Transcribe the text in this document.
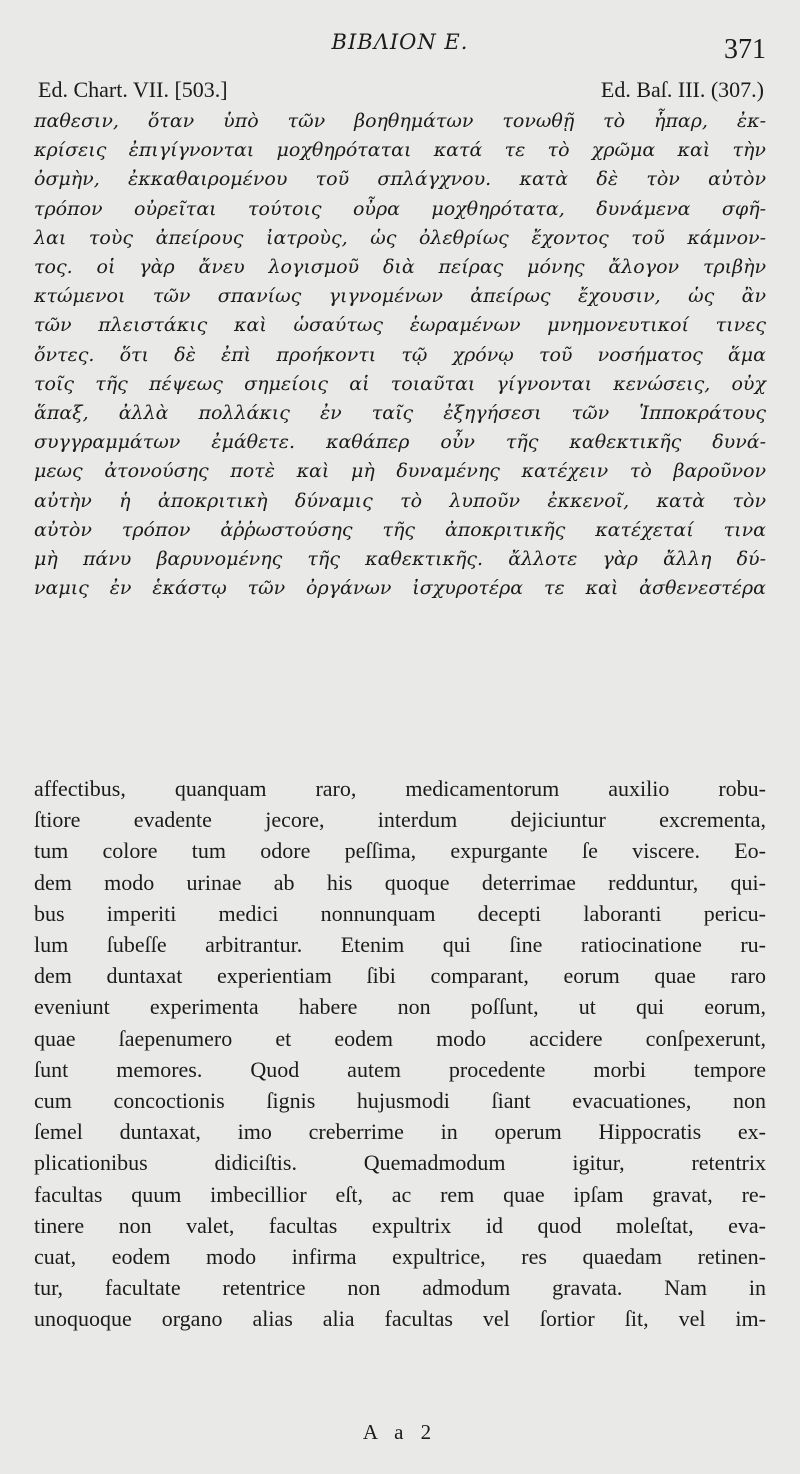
ΒΙΒΛΙΟΝ Ε.	371
Ed. Chart. VII. [503.]	Ed. Baſ. III. (307.)
παθεσιν, ὅταν ὑπὸ τῶν βοηθημάτων τονωθῇ τὸ ἧπαρ, ἐκ-
κρίσεις ἐπιγίγνονται μοχθηρόταται κατά τε τὸ χρῶμα καὶ τὴν
ὀσμὴν, ἐκκαθαιρομένου τοῦ σπλάγχνου. κατὰ δὲ τὸν αὐτὸν
τρόπον οὐρεῖται τούτοις οὖρα μοχθηρότατα, δυνάμενα σφῆ-
λαι τοὺς ἀπείρους ἰατροὺς, ὡς ὀλεθρίως ἔχοντος τοῦ κάμνον-
τος. οἱ γὰρ ἄνευ λογισμοῦ διὰ πείρας μόνης ἄλογον τριβὴν
κτώμενοι τῶν σπανίως γιγνομένων ἀπείρως ἔχουσιν, ὡς ἂν
τῶν πλειστάκις καὶ ὡσαύτως ἑωραμένων μνημονευτικοί τινες
ὄντες. ὅτι δὲ ἐπὶ προήκοντι τῷ χρόνῳ τοῦ νοσήματος ἅμα
τοῖς τῆς πέψεως σημείοις αἱ τοιαῦται γίγνονται κενώσεις, οὐχ
ἅπαξ, ἀλλὰ πολλάκις ἐν ταῖς ἐξηγήσεσι τῶν Ἱπποκράτους
συγγραμμάτων ἐμάθετε. καθάπερ οὖν τῆς καθεκτικῆς δυνά-
μεως ἀτονούσης ποτὲ καὶ μὴ δυναμένης κατέχειν τὸ βαροῦνον
αὐτὴν ἡ ἀποκριτικὴ δύναμις τὸ λυποῦν ἐκκενοῖ, κατὰ τὸν
αὐτὸν τρόπον ἀῤῥωστούσης τῆς ἀποκριτικῆς κατέχεταί τινα
μὴ πάνυ βαρυνομένης τῆς καθεκτικῆς. ἄλλοτε γὰρ ἄλλη δύ-
ναμις ἐν ἑκάστῳ τῶν ὀργάνων ἰσχυροτέρα τε καὶ ἀσθενεστέρα
affectibus, quanquam raro, medicamentorum auxilio robu-
ſtiore evadente jecore, interdum dejiciuntur excrementa,
tum colore tum odore peſſima, expurgante ſe viscere. Eo-
dem modo urinae ab his quoque deterrimae redduntur, qui-
bus imperiti medici nonnunquam decepti laboranti pericu-
lum ſubeſſe arbitrantur. Etenim qui ſine ratiocinatione ru-
dem duntaxat experientiam ſibi comparant, eorum quae raro
eveniunt experimenta habere non poſſunt, ut qui eorum,
quae ſaepenumero et eodem modo accidere conſpexerunt,
ſunt memores. Quod autem procedente morbi tempore
cum concoctionis ſignis hujusmodi ſiant evacuationes, non
ſemel duntaxat, imo creberrime in operum Hippocratis ex-
plicationibus didiciſtis. Quemadmodum igitur, retentrix
facultas quum imbecillior eſt, ac rem quae ipſam gravat, re-
tinere non valet, facultas expultrix id quod moleſtat, eva-
cuat, eodem modo infirma expultrice, res quaedam retinen-
tur, facultate retentrice non admodum gravata. Nam in
unoquoque organo alias alia facultas vel ſortior ſit, vel im-
A a 2
